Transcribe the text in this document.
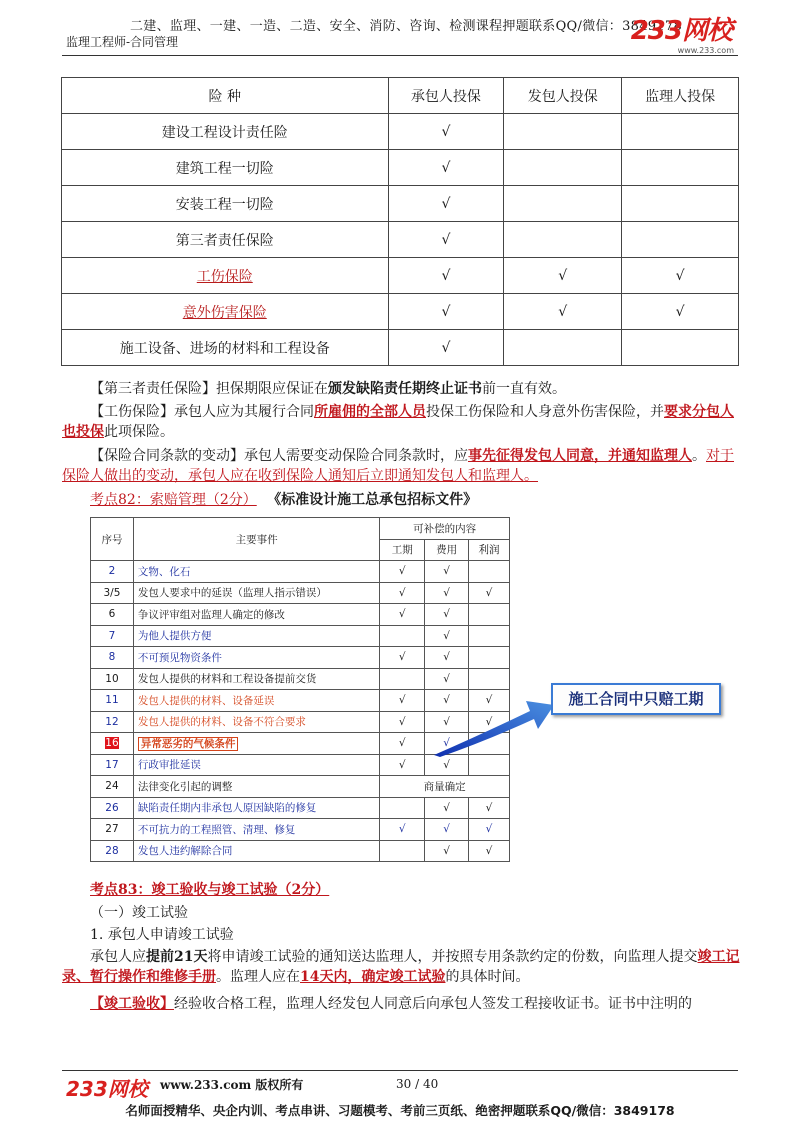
二建、监理、一建、一造、二造、安全、消防、咨询、检测课程押题联系QQ/微信：3849178
监理工程师-合同管理	233网校
www.233.com
险 种	承包人投保	发包人投保	监理人投保
建设工程设计责任险	√		
建筑工程一切险	√		
安装工程一切险	√		
第三者责任保险	√		
工伤保险	√	√	√
意外伤害保险	√	√	√
施工设备、进场的材料和工程设备	√		
【第三者责任保险】担保期限应保证在颁发缺陷责任期终止证书前一直有效。
【工伤保险】承包人应为其履行合同所雇佣的全部人员投保工伤保险和人身意外伤害保险，并要求分包人也投保此项保险。
【保险合同条款的变动】承包人需要变动保险合同条款时，应事先征得发包人同意，并通知监理人。对于保险人做出的变动，承包人应在收到保险人通知后立即通知发包人和监理人。
考点82：索赔管理（2分） 《标准设计施工总承包招标文件》
序号	主要事件	可补偿的内容		
		工期	费用	利润
2	文物、化石	√	√	
3/5	发包人要求中的延误（监理人指示错误）	√	√	√
6	争议评审组对监理人确定的修改	√	√	
7	为他人提供方便		√	
8	不可预见物资条件	√	√	
10	发包人提供的材料和工程设备提前交货		√	
11	发包人提供的材料、设备延误	√	√	√
12	发包人提供的材料、设备不符合要求	√	√	√
16	异常恶劣的气候条件	√	√	
17	行政审批延误	√	√	
24	法律变化引起的调整	商量确定		
26	缺陷责任期内非承包人原因缺陷的修复		√	√
27	不可抗力的工程照管、清理、修复	√	√	√
28	发包人违约解除合同		√	√
施工合同中只赔工期
考点83：竣工验收与竣工试验（2分）
（一）竣工试验
1. 承包人申请竣工试验
承包人应提前21天将申请竣工试验的通知送达监理人，并按照专用条款约定的份数，向监理人提交竣工记录、暂行操作和维修手册。监理人应在14天内，确定竣工试验的具体时间。
【竣工验收】经验收合格工程，监理人经发包人同意后向承包人签发工程接收证书。证书中注明的
233网校 www.233.com 版权所有	30 / 40
名师面授精华、央企内训、考点串讲、习题模考、考前三页纸、绝密押题联系QQ/微信：3849178
